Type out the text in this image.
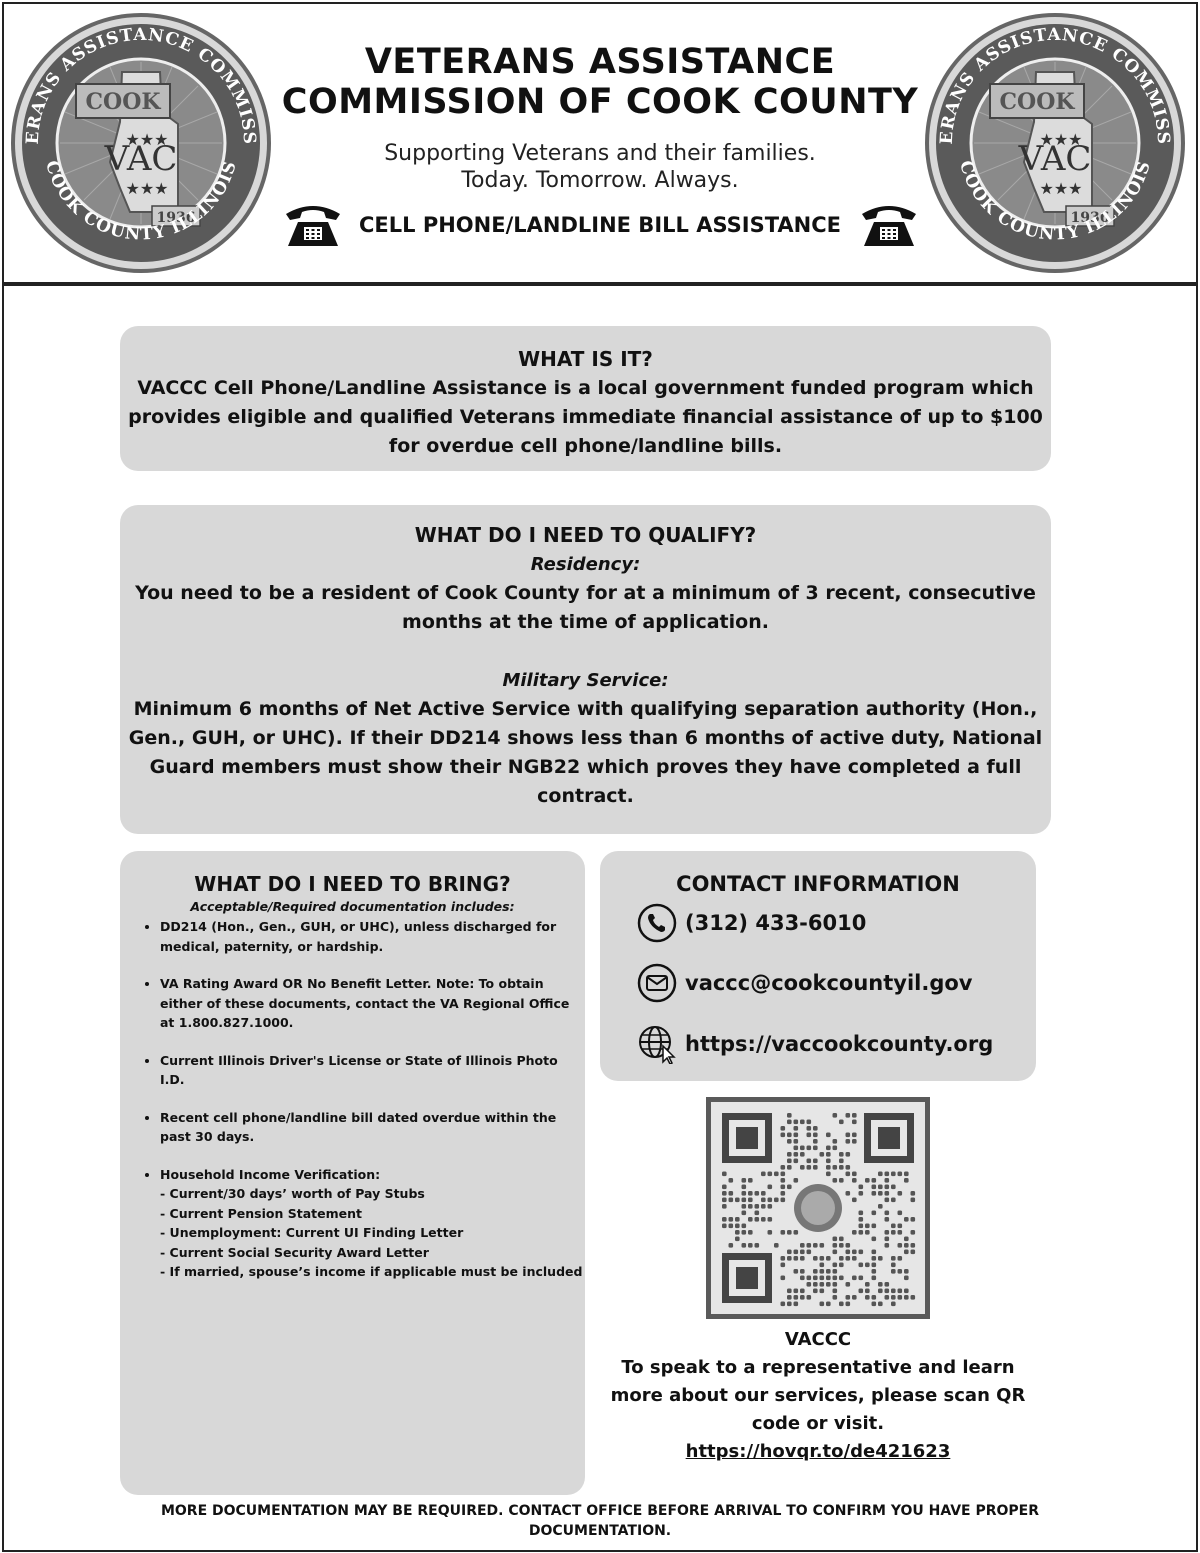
VETERANS ASSISTANCE
COMMISSION OF COOK COUNTY
Supporting Veterans and their families.
Today. Tomorrow. Always.
CELL PHONE/LANDLINE BILL ASSISTANCE
WHAT IS IT?
VACCC Cell Phone/Landline Assistance is a local government funded program which provides eligible and qualified Veterans immediate financial assistance of up to $100 for overdue cell phone/landline bills.
WHAT DO I NEED TO QUALIFY?
Residency:
You need to be a resident of Cook County for at a minimum of 3 recent, consecutive months at the time of application.
Military Service:
Minimum 6 months of Net Active Service with qualifying separation authority (Hon., Gen., GUH, or UHC). If their DD214 shows less than 6 months of active duty, National Guard members must show their NGB22 which proves they have completed a full contract.
WHAT DO I NEED TO BRING?
Acceptable/Required documentation includes:
• DD214 (Hon., Gen., GUH, or UHC), unless discharged for medical, paternity, or hardship.
• VA Rating Award OR No Benefit Letter. Note: To obtain either of these documents, contact the VA Regional Office at 1.800.827.1000.
• Current Illinois Driver's License or State of Illinois Photo I.D.
• Recent cell phone/landline bill dated overdue within the past 30 days.
• Household Income Verification:
- Current/30 days’ worth of Pay Stubs
- Current Pension Statement
- Unemployment: Current UI Finding Letter
- Current Social Security Award Letter
- If married, spouse’s income if applicable must be included
CONTACT INFORMATION
(312) 433-6010
vaccc@cookcountyil.gov
https://vaccookcounty.org
VACCC
To speak to a representative and learn more about our services, please scan QR code or visit.
https://hovqr.to/de421623
MORE DOCUMENTATION MAY BE REQUIRED. CONTACT OFFICE BEFORE ARRIVAL TO CONFIRM YOU HAVE PROPER DOCUMENTATION.
